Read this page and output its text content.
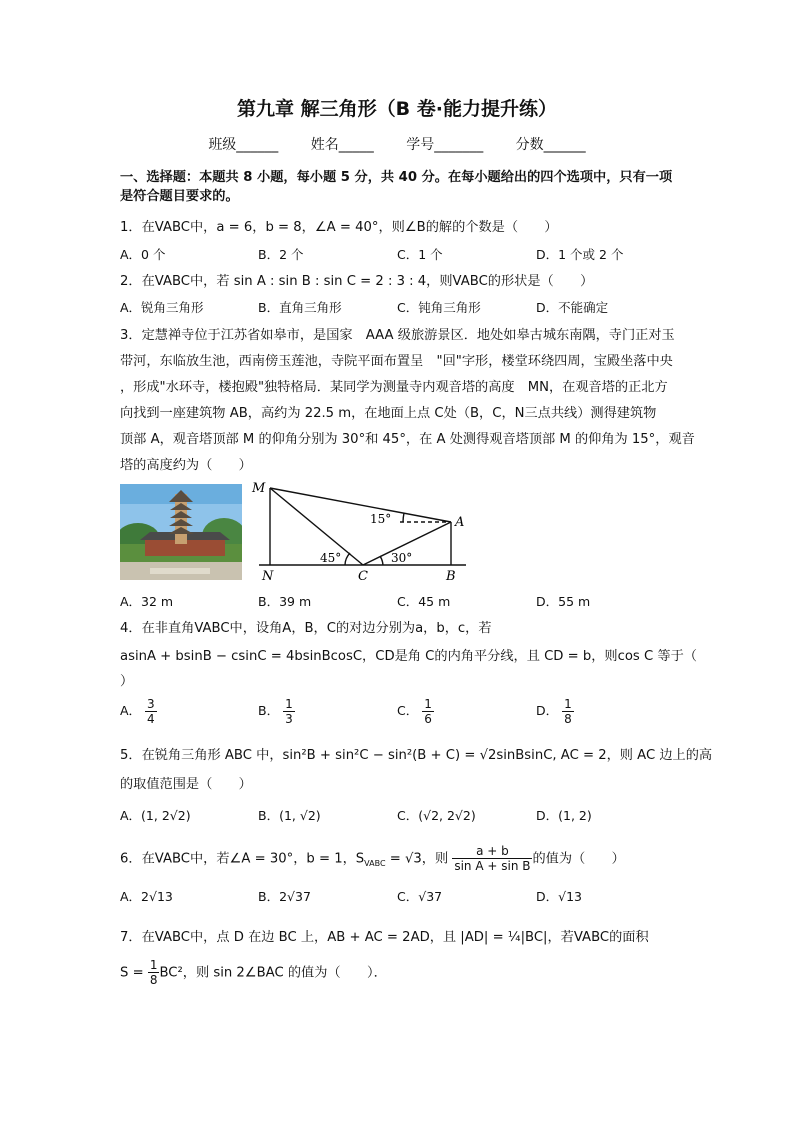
第九章 解三角形（B 卷·能力提升练）
班级______ 姓名_____ 学号_______ 分数______
一、选择题：本题共 8 小题，每小题 5 分，共 40 分。在每小题给出的四个选项中，只有一项
是符合题目要求的。
1．在VABC中，a = 6，b = 8，∠A = 40°，则∠B的解的个数是（　　）
A．0 个	B．2 个	C．1 个	D．1 个或 2 个
2．在VABC中，若 sin A : sin B : sin C = 2 : 3 : 4，则VABC的形状是（　　）
A．锐角三角形	B．直角三角形	C．钝角三角形	D．不能确定
3．定慧禅寺位于江苏省如皋市，是国家　AAA 级旅游景区．地处如皋古城东南隅，寺门正对玉
带河，东临放生池，西南傍玉莲池，寺院平面布置呈　"回"字形，楼堂环绕四周，宝殿坐落中央
，形成"水环寺，楼抱殿"独特格局．某同学为测量寺内观音塔的高度　MN，在观音塔的正北方
向找到一座建筑物 AB，高约为 22.5 m，在地面上点 C处（B，C，N三点共线）测得建筑物
顶部 A，观音塔顶部 M 的仰角分别为 30°和 45°，在 A 处测得观音塔顶部 M 的仰角为 15°，观音
塔的高度约为（　　）
M
A
N	C	B
15°
45°	30°
A．32 m	B．39 m	C．45 m	D．55 m
4．在非直角VABC中，设角A，B，C的对边分别为a，b，c，若
asinA + bsinB − csinC = 4bsinBcosC，CD是角 C的内角平分线，且 CD = b，则cos C 等于（
）
A． $\frac{3}{4}$	B． $\frac{1}{3}$	C． $\frac{1}{6}$	D． $\frac{1}{8}$
5．在锐角三角形 ABC 中，sin²B + sin²C − sin²(B + C) = √2sinBsinC, AC = 2，则 AC 边上的高
的取值范围是（　　）
A．(1, 2√2)	B．(1, √2)	C．(√2, 2√2)	D．(1, 2)
6．在VABC中，若∠A = 30°，b = 1，$S_{VABC} = √3$，则 $\frac{a + b}{\text{sin A + sin B}}$ 的值为（　　）
A．2√13	B．2√37	C．√37	D．√13
7．在VABC中，点 D 在边 BC 上，AB + AC = 2AD，且 |AD| = ¼|BC|，若VABC的面积
$S = \frac{1}{8} BC^2$，则 sin 2∠BAC 的值为（　　）．
